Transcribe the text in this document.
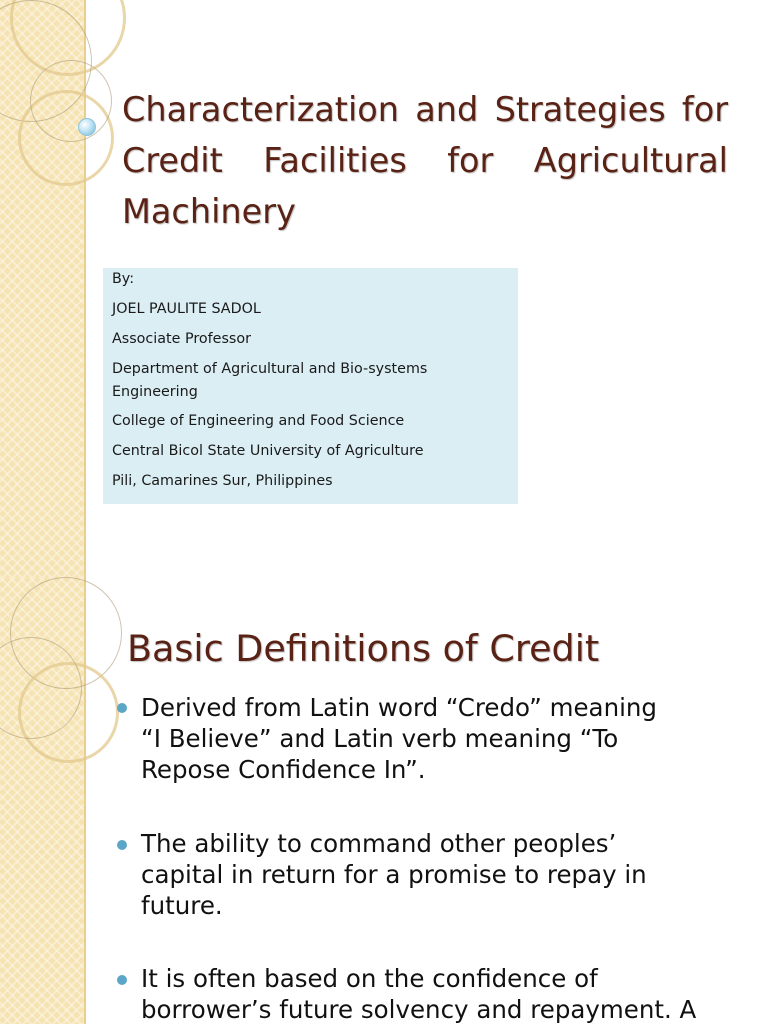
Characterization and Strategies for Credit Facilities for Agricultural Machinery
By:
JOEL PAULITE SADOL
Associate Professor
Department of Agricultural and Bio-systems
Engineering
College of Engineering and Food Science
Central Bicol State University of Agriculture
Pili, Camarines Sur, Philippines
Basic Definitions of Credit
Derived from Latin word “Credo” meaning
“I Believe” and Latin verb meaning “To
Repose Confidence In”.
The ability to command other peoples’
capital in return for a promise to repay in
future.
It is often based on the confidence of
borrower’s future solvency and repayment. A
